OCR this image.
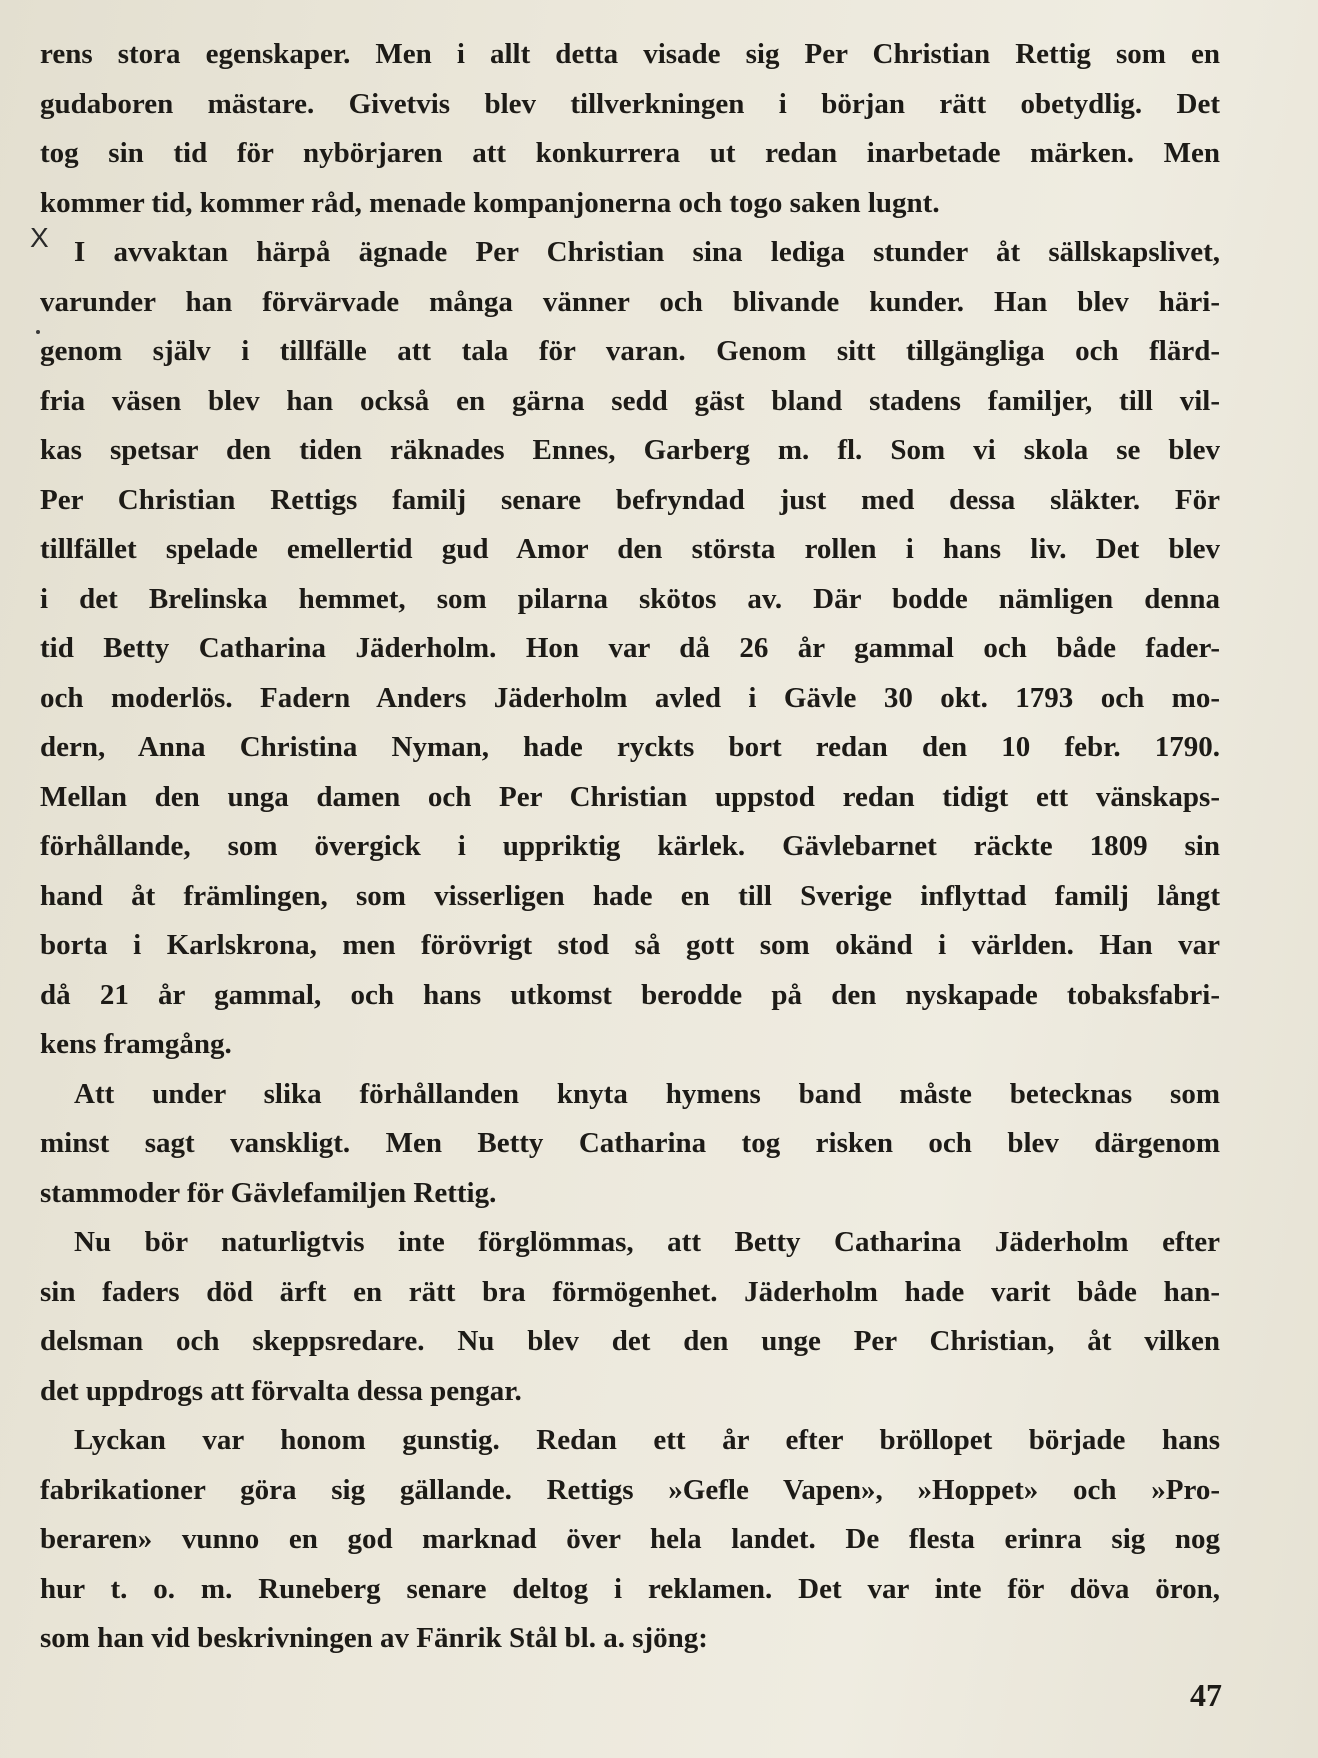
X
rens stora egenskaper. Men i allt detta visade sig Per Christian Rettig som en
gudaboren mästare. Givetvis blev tillverkningen i början rätt obetydlig. Det
tog sin tid för nybörjaren att konkurrera ut redan inarbetade märken. Men
kommer tid, kommer råd, menade kompanjonerna och togo saken lugnt.
I avvaktan härpå ägnade Per Christian sina lediga stunder åt sällskapslivet,
varunder han förvärvade många vänner och blivande kunder. Han blev häri-
genom själv i tillfälle att tala för varan. Genom sitt tillgängliga och flärd-
fria väsen blev han också en gärna sedd gäst bland stadens familjer, till vil-
kas spetsar den tiden räknades Ennes, Garberg m. fl. Som vi skola se blev
Per Christian Rettigs familj senare befryndad just med dessa släkter. För
tillfället spelade emellertid gud Amor den största rollen i hans liv. Det blev
i det Brelinska hemmet, som pilarna skötos av. Där bodde nämligen denna
tid Betty Catharina Jäderholm. Hon var då 26 år gammal och både fader-
och moderlös. Fadern Anders Jäderholm avled i Gävle 30 okt. 1793 och mo-
dern, Anna Christina Nyman, hade ryckts bort redan den 10 febr. 1790.
Mellan den unga damen och Per Christian uppstod redan tidigt ett vänskaps-
förhållande, som övergick i uppriktig kärlek. Gävlebarnet räckte 1809 sin
hand åt främlingen, som visserligen hade en till Sverige inflyttad familj långt
borta i Karlskrona, men förövrigt stod så gott som okänd i världen. Han var
då 21 år gammal, och hans utkomst berodde på den nyskapade tobaksfabri-
kens framgång.
Att under slika förhållanden knyta hymens band måste betecknas som
minst sagt vanskligt. Men Betty Catharina tog risken och blev därgenom
stammoder för Gävlefamiljen Rettig.
Nu bör naturligtvis inte förglömmas, att Betty Catharina Jäderholm efter
sin faders död ärft en rätt bra förmögenhet. Jäderholm hade varit både han-
delsman och skeppsredare. Nu blev det den unge Per Christian, åt vilken
det uppdrogs att förvalta dessa pengar.
Lyckan var honom gunstig. Redan ett år efter bröllopet började hans
fabrikationer göra sig gällande. Rettigs »Gefle Vapen», »Hoppet» och »Pro-
beraren» vunno en god marknad över hela landet. De flesta erinra sig nog
hur t. o. m. Runeberg senare deltog i reklamen. Det var inte för döva öron,
som han vid beskrivningen av Fänrik Stål bl. a. sjöng:
47
